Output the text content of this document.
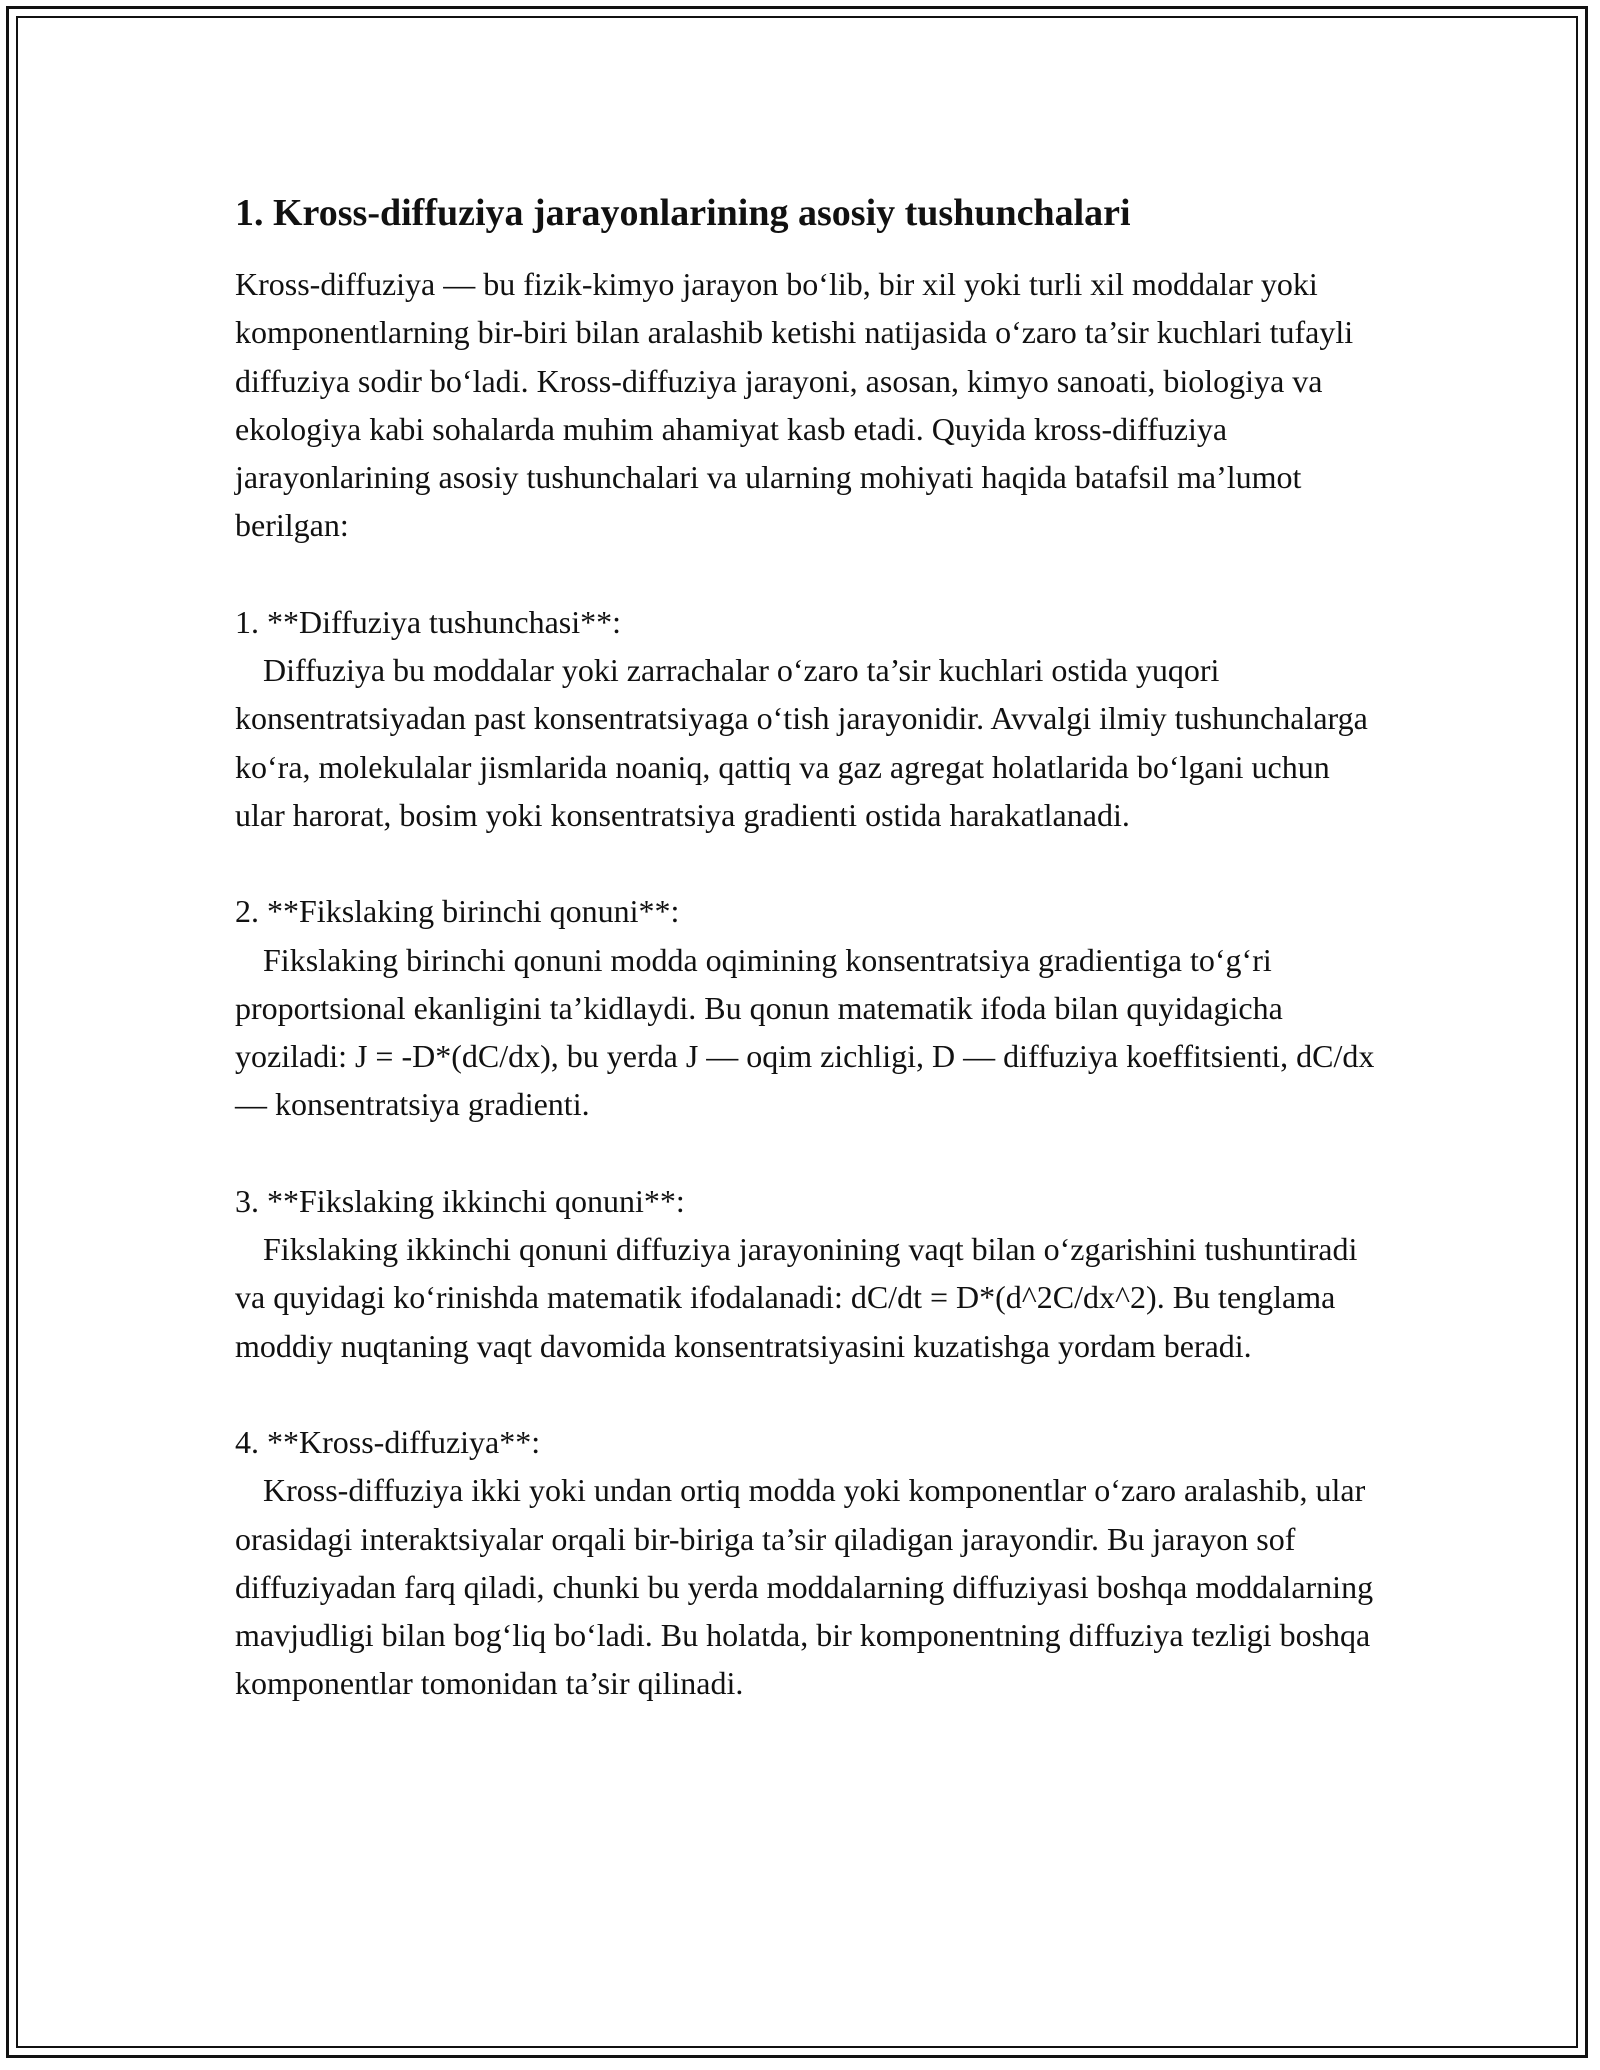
1. Kross-diffuziya jarayonlarining asosiy tushunchalari

Kross-diffuziya — bu fizik-kimyo jarayon bo‘lib, bir xil yoki turli xil moddalar yoki komponentlarning bir-biri bilan aralashib ketishi natijasida o‘zaro ta’sir kuchlari tufayli diffuziya sodir bo‘ladi. Kross-diffuziya jarayoni, asosan, kimyo sanoati, biologiya va ekologiya kabi sohalarda muhim ahamiyat kasb etadi. Quyida kross-diffuziya jarayonlarining asosiy tushunchalari va ularning mohiyati haqida batafsil ma’lumot berilgan:

1. **Diffuziya tushunchasi**:

Diffuziya bu moddalar yoki zarrachalar o‘zaro ta’sir kuchlari ostida yuqori konsentratsiyadan past konsentratsiyaga o‘tish jarayonidir. Avvalgi ilmiy tushunchalarga ko‘ra, molekulalar jismlarida noaniq, qattiq va gaz agregat holatlarida bo‘lgani uchun ular harorat, bosim yoki konsentratsiya gradienti ostida harakatlanadi.

2. **Fikslaking birinchi qonuni**:

Fikslaking birinchi qonuni modda oqimining konsentratsiya gradientiga to‘g‘ri proportsional ekanligini ta’kidlaydi. Bu qonun matematik ifoda bilan quyidagicha yoziladi: J = -D*(dC/dx), bu yerda J — oqim zichligi, D — diffuziya koeffitsienti, dC/dx — konsentratsiya gradienti.

3. **Fikslaking ikkinchi qonuni**:

Fikslaking ikkinchi qonuni diffuziya jarayonining vaqt bilan o‘zgarishini tushuntiradi va quyidagi ko‘rinishda matematik ifodalanadi: dC/dt = D*(d^2C/dx^2). Bu tenglama moddiy nuqtaning vaqt davomida konsentratsiyasini kuzatishga yordam beradi.

4. **Kross-diffuziya**:

Kross-diffuziya ikki yoki undan ortiq modda yoki komponentlar o‘zaro aralashib, ular orasidagi interaktsiyalar orqali bir-biriga ta’sir qiladigan jarayondir. Bu jarayon sof diffuziyadan farq qiladi, chunki bu yerda moddalarning diffuziyasi boshqa moddalarning mavjudligi bilan bog‘liq bo‘ladi. Bu holatda, bir komponentning diffuziya tezligi boshqa komponentlar tomonidan ta’sir qilinadi.
